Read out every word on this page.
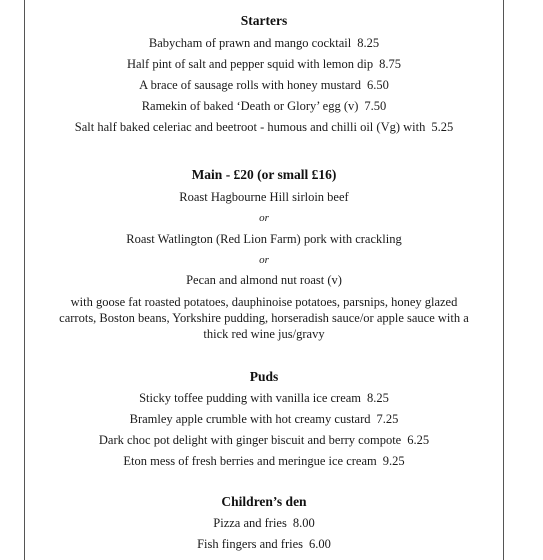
Starters
Babycham of prawn and mango cocktail 8.25
Half pint of salt and pepper squid with lemon dip 8.75
A brace of sausage rolls with honey mustard 6.50
Ramekin of baked ‘Death or Glory’ egg (v) 7.50
Salt half baked celeriac and beetroot - humous and chilli oil (Vg) with 5.25
Main - £20 (or small £16)
Roast Hagbourne Hill sirloin beef
or
Roast Watlington (Red Lion Farm) pork with crackling
or
Pecan and almond nut roast (v)
with goose fat roasted potatoes, dauphinoise potatoes, parsnips, honey glazed carrots, Boston beans, Yorkshire pudding, horseradish sauce/or apple sauce with a thick red wine jus/gravy
Puds
Sticky toffee pudding with vanilla ice cream 8.25
Bramley apple crumble with hot creamy custard 7.25
Dark choc pot delight with ginger biscuit and berry compote 6.25
Eton mess of fresh berries and meringue ice cream 9.25
Children’s den
Pizza and fries 8.00
Fish fingers and fries 6.00
